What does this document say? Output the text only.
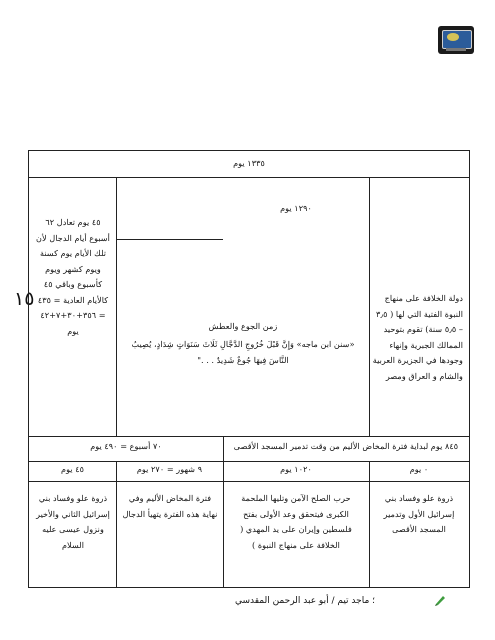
١٥
١٣٣٥ يوم
دولة الخلافة على منهاج النبوة الفتية التي لها ( ٣٫٥ – ٥٫٥ سنة) تقوم بتوحيد الممالك الجبرية وإنهاء وجودها في الجزيرة العربية والشام و العراق ومصر
١٢٩٠ يوم
زمن الجوع والعطش
«سنن ابن ماجه» وَإِنَّ قَبْلَ خُرُوجِ الدَّجَّالِ ثَلَاثَ سَنَوَاتٍ شِدَادٍ، يُصِيبُ النَّاسَ فِيهَا جُوعٌ شَدِيدٌ . . ."
٤٥ يوم تعادل ٦٢ أسبوع أيام الدجال لأن تلك الأيام يوم كسنة ويوم كشهر ويوم كأسبوع وباقي ٤٥ كالأيام العادية = ٤٣٥ = ٣٥٦+٣٠+٧+٤٢ يوم
٨٤٥ يوم لبداية فترة المخاض الأليم من وقت تدمير المسجد الأقصى
٧٠ أسبوع = ٤٩٠ يوم
٠ يوم
١٠٢٠ يوم
٩ شهور = ٢٧٠ يوم
٤٥ يوم
ذروة علو وفساد بني إسرائيل الأول وتدمير المسجد الأقصى
حرب الصلح الآمن وتليها الملحمة الكبرى فيتحقق وعد الأولى بفتح فلسطين وإيران على يد المهدي ( الخلافة على منهاج النبوة )
فترة المخاض الأليم وفي نهاية هذه الفترة يتهيأ الدجال
ذروة علو وفساد بني إسرائيل الثاني والأخير ونزول عيسى عليه السلام
؛ ماجد تيم / أبو عبد الرحمن المقدسي
